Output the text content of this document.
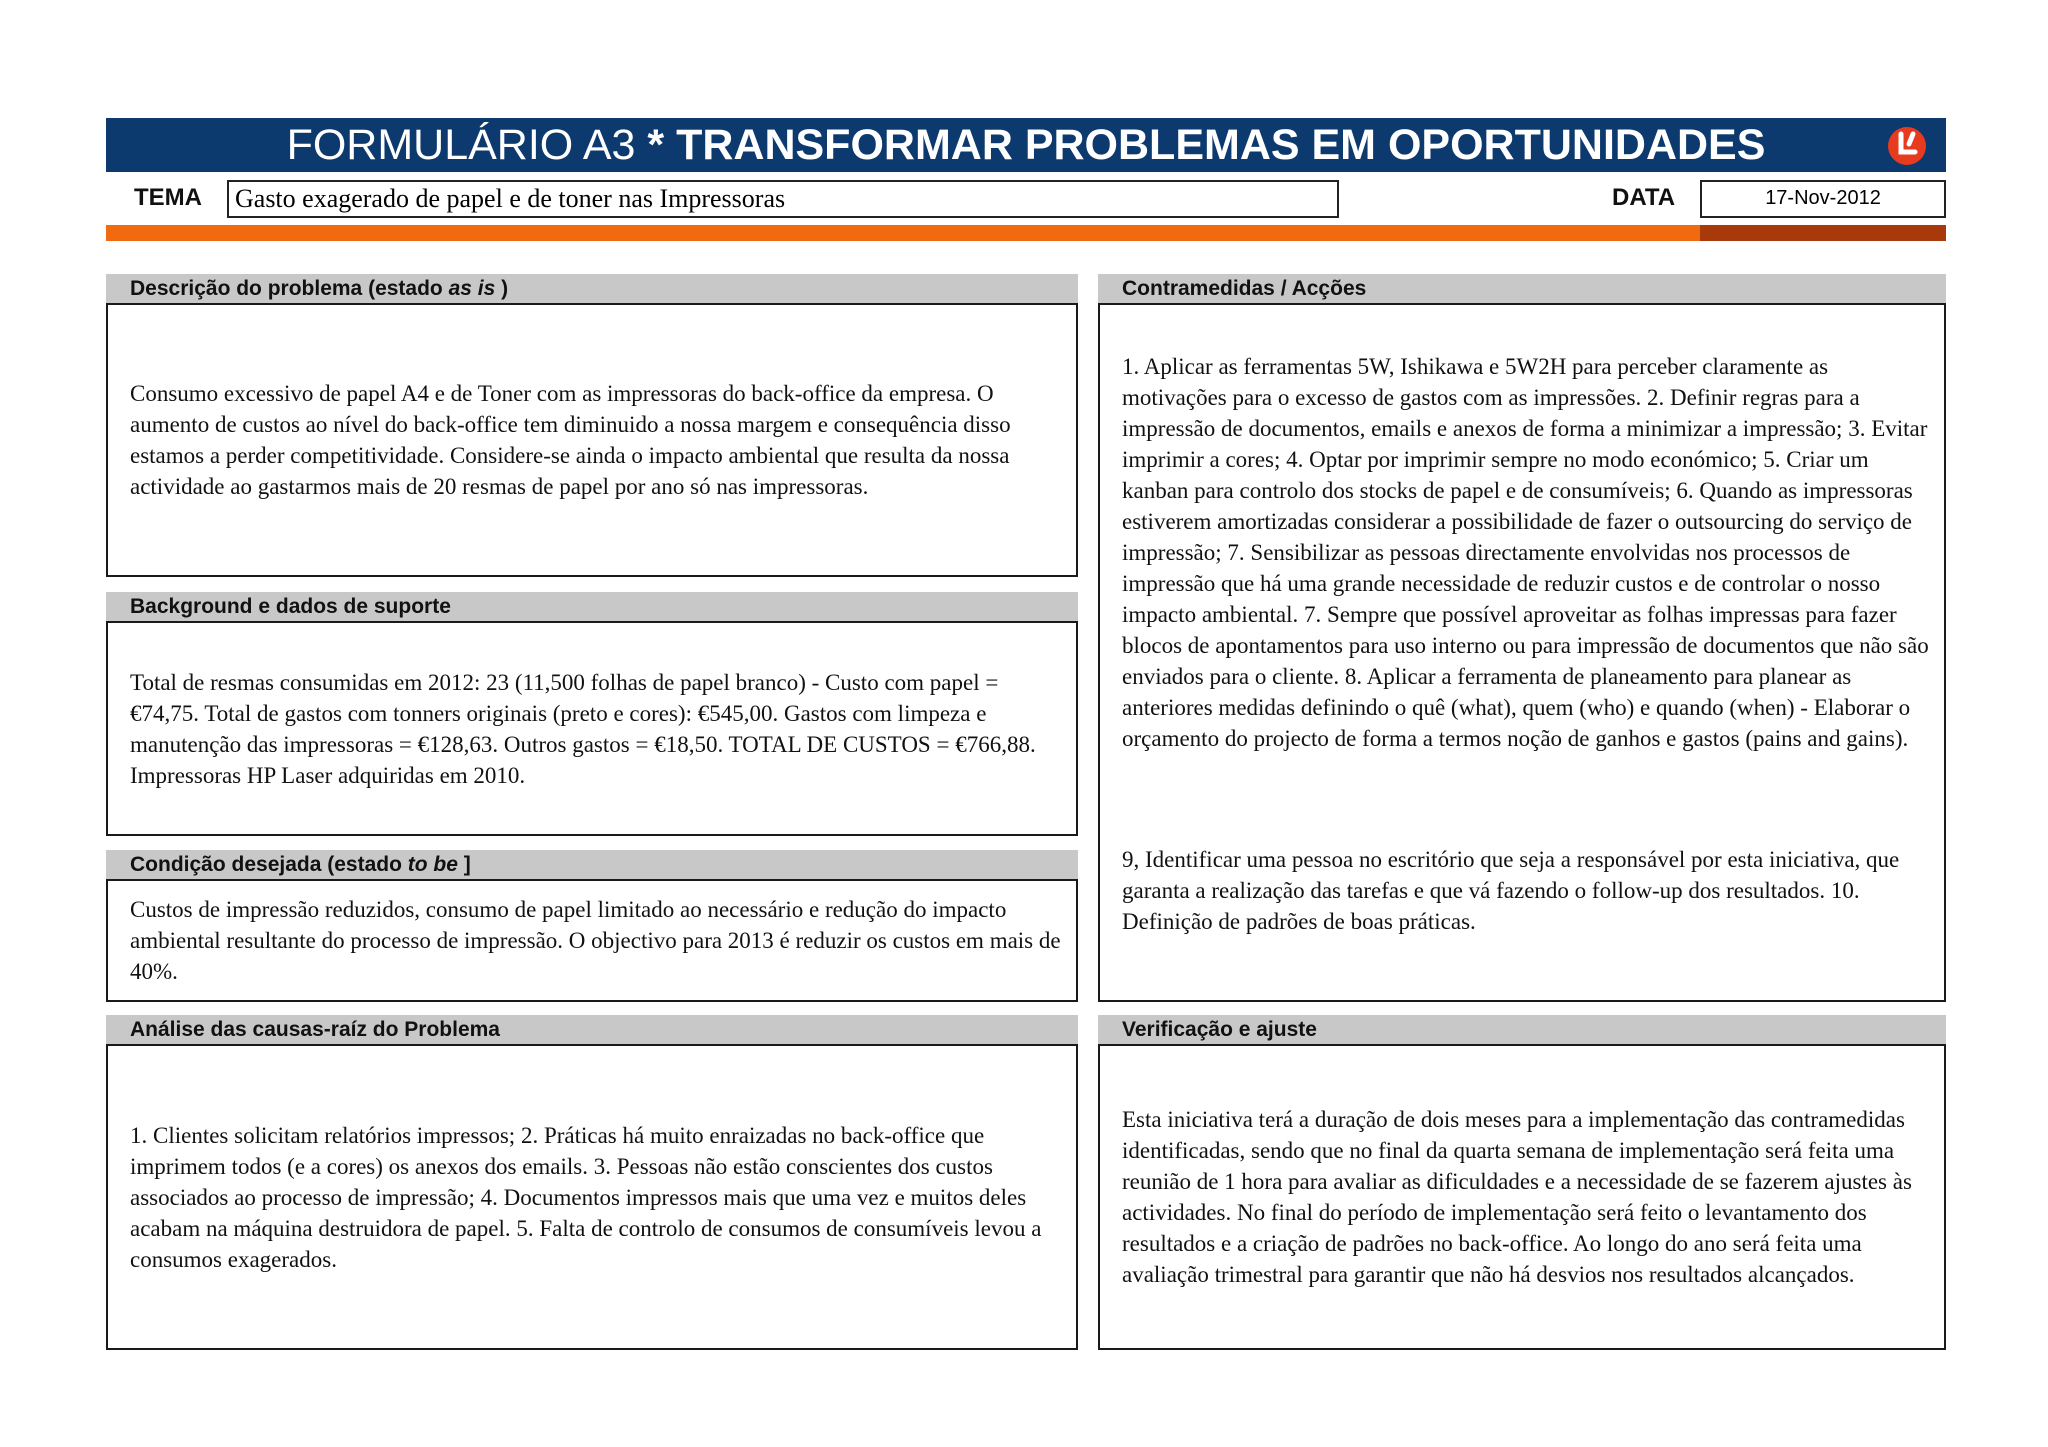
FORMULÁRIO A3 * TRANSFORMAR PROBLEMAS EM OPORTUNIDADES
TEMA	Gasto exagerado de papel e de toner nas Impressoras	DATA	17-Nov-2012
Descrição do problema (estado as is )

Consumo excessivo de papel A4 e de Toner com as impressoras do back-office da empresa. O aumento de custos ao nível do back-office tem diminuido a nossa margem e consequência disso estamos a perder competitividade. Considere-se ainda o impacto ambiental que resulta da nossa actividade ao gastarmos mais de 20 resmas de papel por ano só nas impressoras.

Background e dados de suporte

Total de resmas consumidas em 2012: 23 (11,500 folhas de papel branco) - Custo com papel = €74,75. Total de gastos com tonners originais (preto e cores): €545,00. Gastos com limpeza e manutenção das impressoras = €128,63. Outros gastos = €18,50. TOTAL DE CUSTOS = €766,88. Impressoras HP Laser adquiridas em 2010.

Condição desejada (estado to be ]

Custos de impressão reduzidos, consumo de papel limitado ao necessário e redução do impacto ambiental resultante do processo de impressão. O objectivo para 2013 é reduzir os custos em mais de 40%.

Análise das causas-raíz do Problema

1. Clientes solicitam relatórios impressos; 2. Práticas há muito enraizadas no back-office que imprimem todos (e a cores) os anexos dos emails. 3. Pessoas não estão conscientes dos custos associados ao processo de impressão; 4. Documentos impressos mais que uma vez e muitos deles acabam na máquina destruidora de papel. 5. Falta de controlo de consumos de consumíveis levou a consumos exagerados.

Contramedidas / Acções

1. Aplicar as ferramentas 5W, Ishikawa e 5W2H para perceber claramente as motivações para o excesso de gastos com as impressões. 2. Definir regras para a impressão de documentos, emails e anexos de forma a minimizar a impressão; 3. Evitar imprimir a cores; 4. Optar por imprimir sempre no modo económico; 5. Criar um kanban para controlo dos stocks de papel e de consumíveis; 6. Quando as impressoras estiverem amortizadas considerar a possibilidade de fazer o outsourcing do serviço de impressão; 7. Sensibilizar as pessoas directamente envolvidas nos processos de impressão que há uma grande necessidade de reduzir custos e de controlar o nosso impacto ambiental. 7. Sempre que possível aproveitar as folhas impressas para fazer blocos de apontamentos para uso interno ou para impressão de documentos que não são enviados para o cliente. 8. Aplicar a ferramenta de planeamento para planear as anteriores medidas definindo o quê (what), quem (who) e quando (when) - Elaborar o orçamento do projecto de forma a termos noção de ganhos e gastos (pains and gains).

9, Identificar uma pessoa no escritório que seja a responsável por esta iniciativa, que garanta a realização das tarefas e que vá fazendo o follow-up dos resultados. 10. Definição de padrões de boas práticas.

Verificação e ajuste

Esta iniciativa terá a duração de dois meses para a implementação das contramedidas identificadas, sendo que no final da quarta semana de implementação será feita uma reunião de 1 hora para avaliar as dificuldades e a necessidade de se fazerem ajustes às actividades. No final do período de implementação será feito o levantamento dos resultados e a criação de padrões no back-office. Ao longo do ano será feita uma avaliação trimestral para garantir que não há desvios nos resultados alcançados.
